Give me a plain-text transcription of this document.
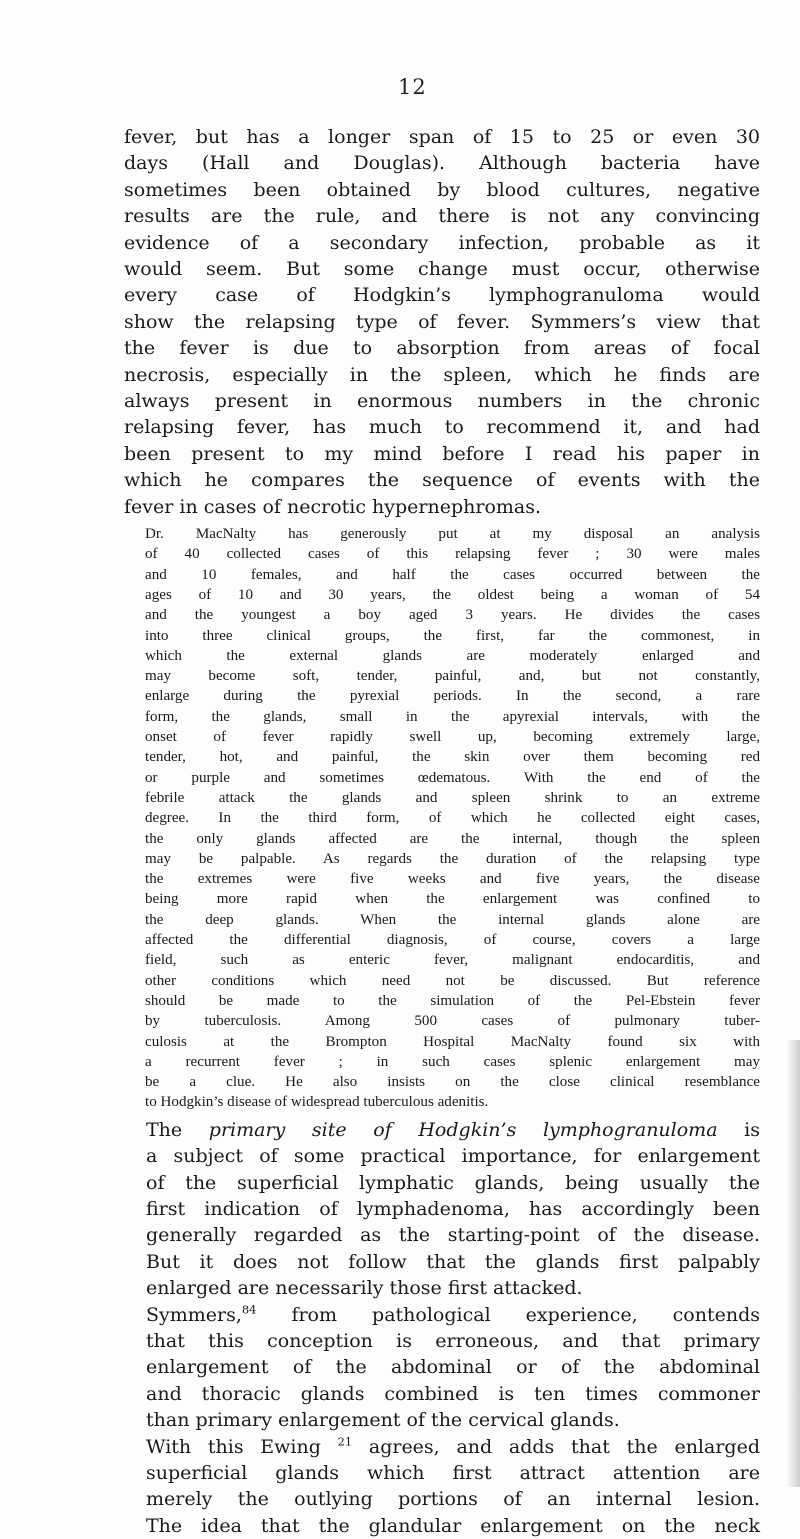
12

fever, but has a longer span of 15 to 25 or even 30
days (Hall and Douglas). Although bacteria have
sometimes been obtained by blood cultures, negative
results are the rule, and there is not any convincing
evidence of a secondary infection, probable as it
would seem. But some change must occur, otherwise
every case of Hodgkin’s lymphogranuloma would
show the relapsing type of fever. Symmers’s view that
the fever is due to absorption from areas of focal
necrosis, especially in the spleen, which he finds are
always present in enormous numbers in the chronic
relapsing fever, has much to recommend it, and had
been present to my mind before I read his paper in
which he compares the sequence of events with the
fever in cases of necrotic hypernephromas.

Dr. MacNalty has generously put at my disposal an analysis
of 40 collected cases of this relapsing fever ; 30 were males
and 10 females, and half the cases occurred between the
ages of 10 and 30 years, the oldest being a woman of 54
and the youngest a boy aged 3 years. He divides the cases
into three clinical groups, the first, far the commonest, in
which the external glands are moderately enlarged and
may become soft, tender, painful, and, but not constantly,
enlarge during the pyrexial periods. In the second, a rare
form, the glands, small in the apyrexial intervals, with the
onset of fever rapidly swell up, becoming extremely large,
tender, hot, and painful, the skin over them becoming red
or purple and sometimes œdematous. With the end of the
febrile attack the glands and spleen shrink to an extreme
degree. In the third form, of which he collected eight cases,
the only glands affected are the internal, though the spleen
may be palpable. As regards the duration of the relapsing type
the extremes were five weeks and five years, the disease
being more rapid when the enlargement was confined to
the deep glands. When the internal glands alone are
affected the differential diagnosis, of course, covers a large
field, such as enteric fever, malignant endocarditis, and
other conditions which need not be discussed. But reference
should be made to the simulation of the Pel-Ebstein fever
by tuberculosis. Among 500 cases of pulmonary tuber-
culosis at the Brompton Hospital MacNalty found six with
a recurrent fever ; in such cases splenic enlargement may
be a clue. He also insists on the close clinical resemblance
to Hodgkin’s disease of widespread tuberculous adenitis.

The primary site of Hodgkin’s lymphogranuloma is
a subject of some practical importance, for enlargement
of the superficial lymphatic glands, being usually the
first indication of lymphadenoma, has accordingly been
generally regarded as the starting-point of the disease.
But it does not follow that the glands first palpably
enlarged are necessarily those first attacked.
Symmers,$^{84}$ from pathological experience, contends
that this conception is erroneous, and that primary
enlargement of the abdominal or of the abdominal
and thoracic glands combined is ten times commoner
than primary enlargement of the cervical glands.
With this Ewing $^{21}$ agrees, and adds that the enlarged
superficial glands which first attract attention are
merely the outlying portions of an internal lesion.
The idea that the glandular enlargement on the neck
